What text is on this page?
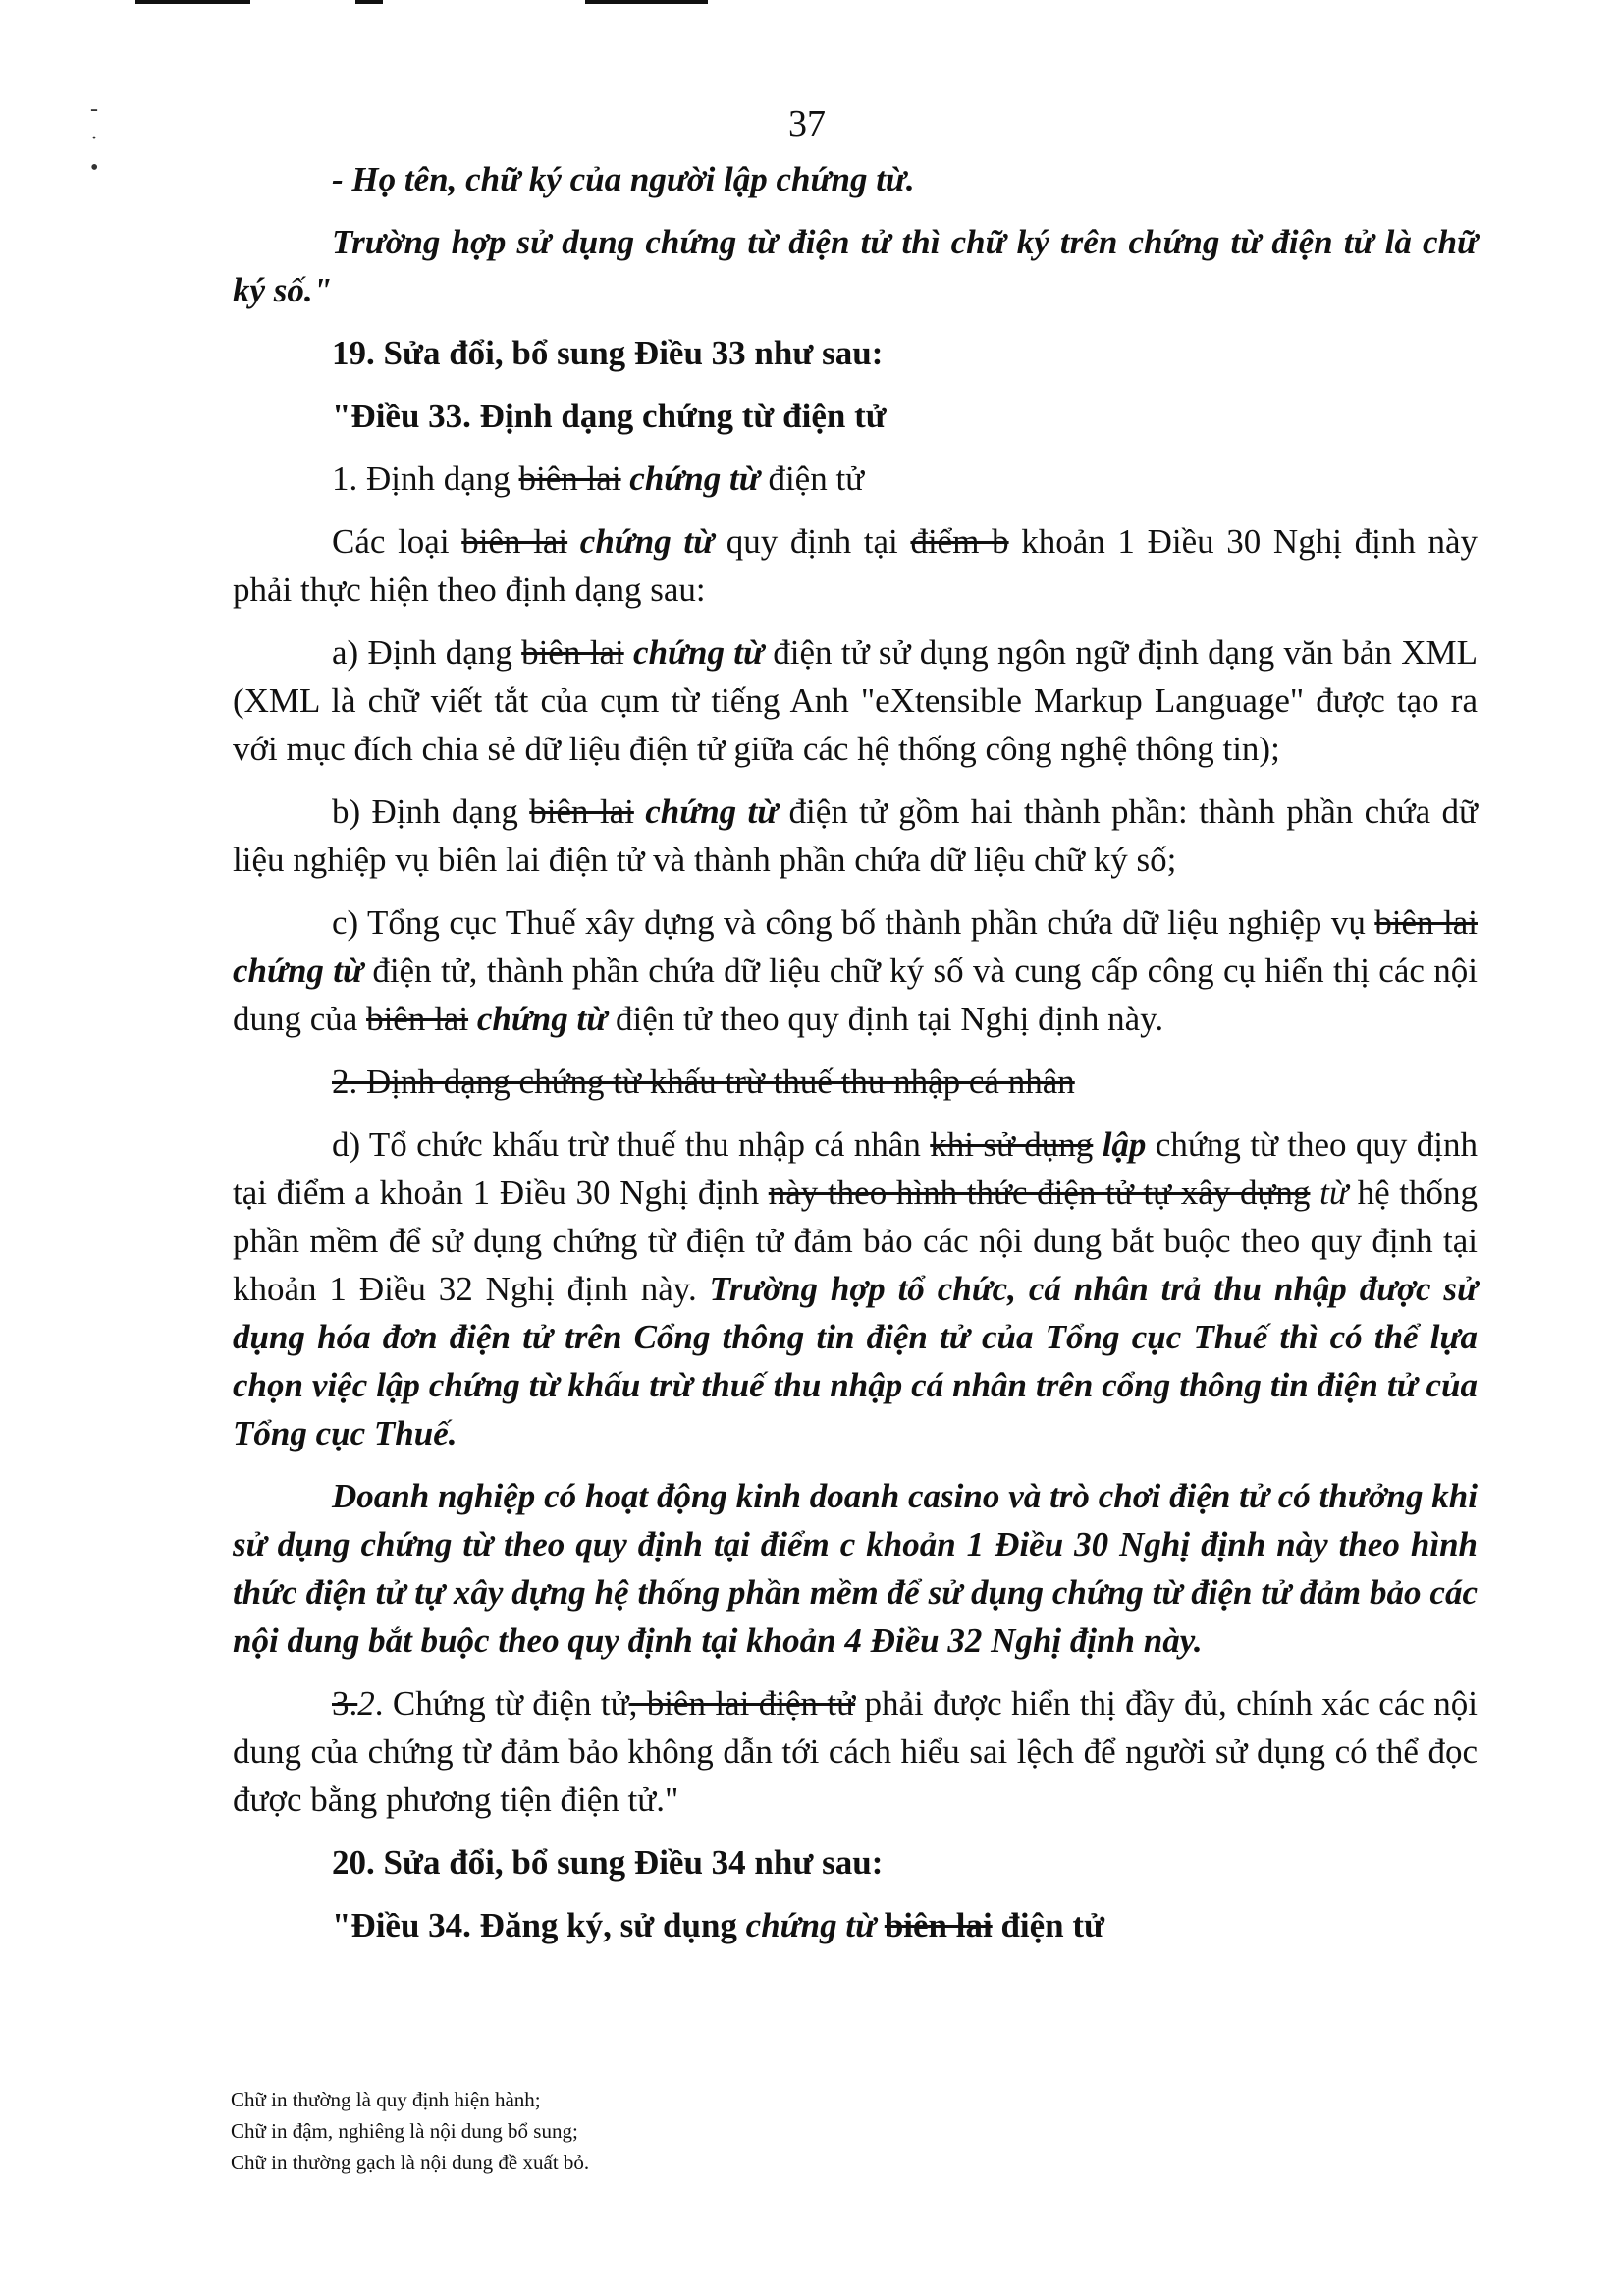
-
·
•
37

- Họ tên, chữ ký của người lập chứng từ.

Trường hợp sử dụng chứng từ điện tử thì chữ ký trên chứng từ điện tử là chữ ký số."

19. Sửa đổi, bổ sung Điều 33 như sau:

"Điều 33. Định dạng chứng từ điện tử

1. Định dạng biên lai chứng từ điện tử

Các loại biên lai chứng từ quy định tại điểm b khoản 1 Điều 30 Nghị định này phải thực hiện theo định dạng sau:

a) Định dạng biên lai chứng từ điện tử sử dụng ngôn ngữ định dạng văn bản XML (XML là chữ viết tắt của cụm từ tiếng Anh "eXtensible Markup Language" được tạo ra với mục đích chia sẻ dữ liệu điện tử giữa các hệ thống công nghệ thông tin);

b) Định dạng biên lai chứng từ điện tử gồm hai thành phần: thành phần chứa dữ liệu nghiệp vụ biên lai điện tử và thành phần chứa dữ liệu chữ ký số;

c) Tổng cục Thuế xây dựng và công bố thành phần chứa dữ liệu nghiệp vụ biên lai chứng từ điện tử, thành phần chứa dữ liệu chữ ký số và cung cấp công cụ hiển thị các nội dung của biên lai chứng từ điện tử theo quy định tại Nghị định này.

2. Định dạng chứng từ khấu trừ thuế thu nhập cá nhân

d) Tổ chức khấu trừ thuế thu nhập cá nhân khi sử dụng lập chứng từ theo quy định tại điểm a khoản 1 Điều 30 Nghị định này theo hình thức điện tử tự xây dựng từ hệ thống phần mềm để sử dụng chứng từ điện tử đảm bảo các nội dung bắt buộc theo quy định tại khoản 1 Điều 32 Nghị định này. Trường hợp tổ chức, cá nhân trả thu nhập được sử dụng hóa đơn điện tử trên Cổng thông tin điện tử của Tổng cục Thuế thì có thể lựa chọn việc lập chứng từ khấu trừ thuế thu nhập cá nhân trên cổng thông tin điện tử của Tổng cục Thuế.

Doanh nghiệp có hoạt động kinh doanh casino và trò chơi điện tử có thưởng khi sử dụng chứng từ theo quy định tại điểm c khoản 1 Điều 30 Nghị định này theo hình thức điện tử tự xây dựng hệ thống phần mềm để sử dụng chứng từ điện tử đảm bảo các nội dung bắt buộc theo quy định tại khoản 4 Điều 32 Nghị định này.

3.2. Chứng từ điện tử, biên lai điện tử phải được hiển thị đầy đủ, chính xác các nội dung của chứng từ đảm bảo không dẫn tới cách hiểu sai lệch để người sử dụng có thể đọc được bằng phương tiện điện tử."

20. Sửa đổi, bổ sung Điều 34 như sau:

"Điều 34. Đăng ký, sử dụng chứng từ biên lai điện tử

Chữ in thường là quy định hiện hành;
Chữ in đậm, nghiêng là nội dung bổ sung;
Chữ in thường gạch là nội dung đề xuất bỏ.
